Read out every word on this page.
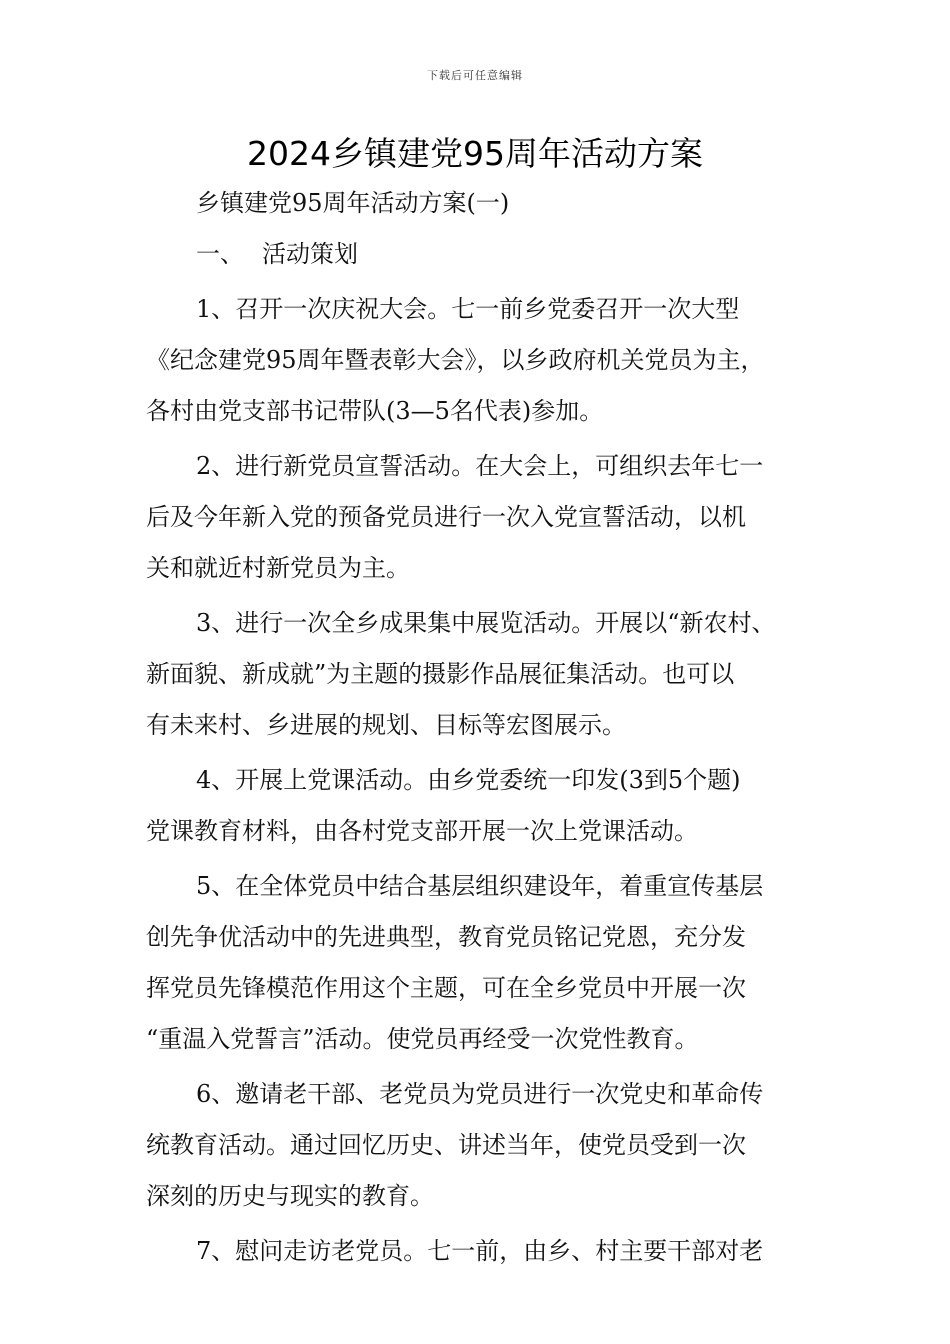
下载后可任意编辑
2024乡镇建党95周年活动方案
乡镇建党95周年活动方案(一)
一、 活动策划
1、召开一次庆祝大会。七一前乡党委召开一次大型
《纪念建党95周年暨表彰大会》，以乡政府机关党员为主，
各村由党支部书记带队(3—5名代表)参加。
2、进行新党员宣誓活动。在大会上，可组织去年七一
后及今年新入党的预备党员进行一次入党宣誓活动，以机
关和就近村新党员为主。
3、进行一次全乡成果集中展览活动。开展以“新农村、
新面貌、新成就”为主题的摄影作品展征集活动。也可以
有未来村、乡进展的规划、目标等宏图展示。
4、开展上党课活动。由乡党委统一印发(3到5个题)
党课教育材料，由各村党支部开展一次上党课活动。
5、在全体党员中结合基层组织建设年，着重宣传基层
创先争优活动中的先进典型，教育党员铭记党恩，充分发
挥党员先锋模范作用这个主题，可在全乡党员中开展一次
“重温入党誓言”活动。使党员再经受一次党性教育。
6、邀请老干部、老党员为党员进行一次党史和革命传
统教育活动。通过回忆历史、讲述当年，使党员受到一次
深刻的历史与现实的教育。
7、慰问走访老党员。七一前，由乡、村主要干部对老
